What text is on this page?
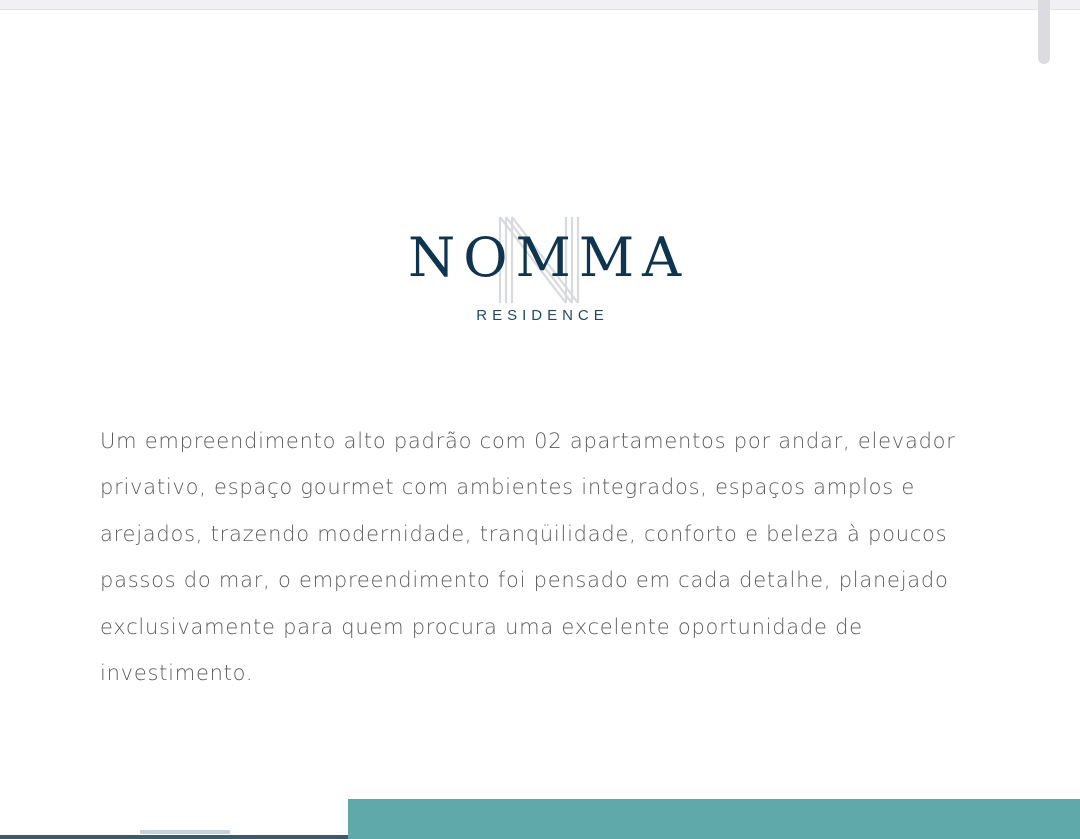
NOMMA
RESIDENCE

Um empreendimento alto padrão com 02 apartamentos por andar, elevador privativo, espaço gourmet com ambientes integrados, espaços amplos e arejados, trazendo modernidade, tranqüilidade, conforto e beleza à poucos passos do mar, o empreendimento foi pensado em cada detalhe, planejado exclusivamente para quem procura uma excelente oportunidade de investimento.
